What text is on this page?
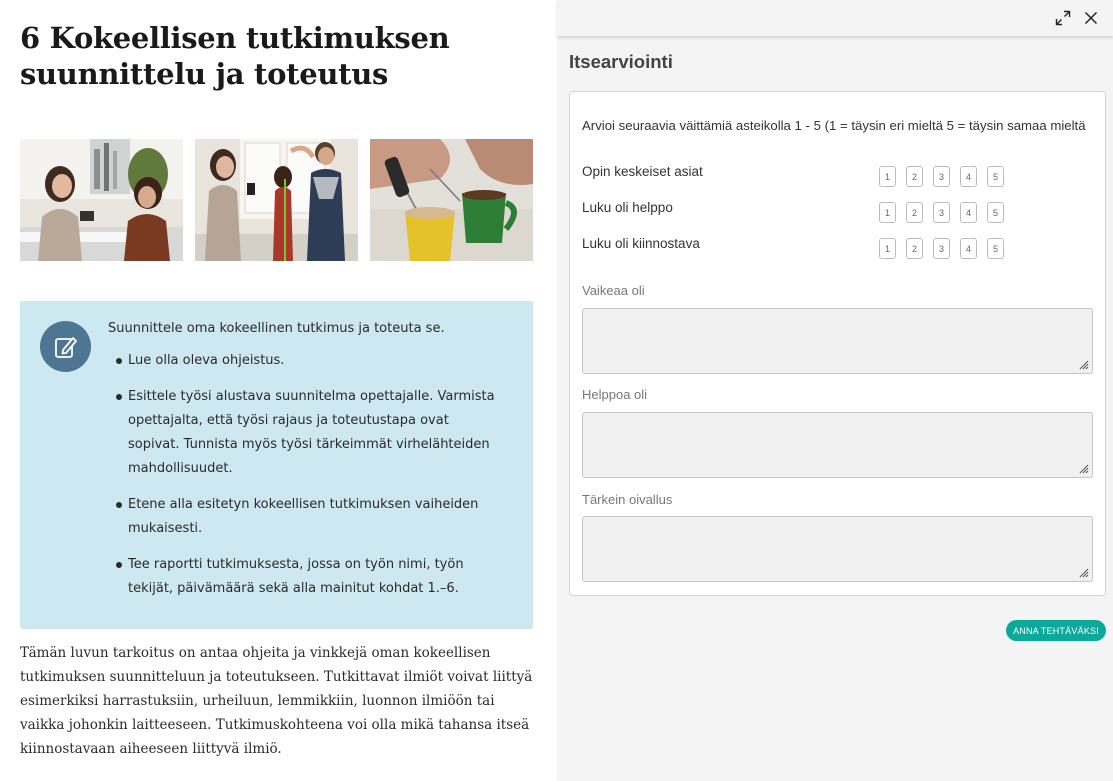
6 Kokeellisen tutkimuksen
suunnittelu ja toteutus

Suunnittele oma kokeellinen tutkimus ja toteuta se.

Lue olla oleva ohjeistus.
Esittele työsi alustava suunnitelma opettajalle. Varmista opettajalta, että työsi rajaus ja toteutustapa ovat sopivat. Tunnista myös työsi tärkeimmät virhelähteiden mahdollisuudet.
Etene alla esitetyn kokeellisen tutkimuksen vaiheiden mukaisesti.
Tee raportti tutkimuksesta, jossa on työn nimi, työn tekijät, päivämäärä sekä alla mainitut kohdat 1.–6.

Tämän luvun tarkoitus on antaa ohjeita ja vinkkejä oman kokeellisen tutkimuksen suunnitteluun ja toteutukseen. Tutkittavat ilmiöt voivat liittyä esimerkiksi harrastuksiin, urheiluun, lemmikkiin, luonnon ilmiöön tai vaikka johonkin laitteeseen. Tutkimuskohteena voi olla mikä tahansa itseä kiinnostavaan aiheeseen liittyvä ilmiö.

Itsearviointi

Arvioi seuraavia väittämiä asteikolla 1 - 5 (1 = täysin eri mieltä 5 = täysin samaa mieltä

Opin keskeiset asiat	1	2	3	4	5
Luku oli helppo	1	2	3	4	5
Luku oli kiinnostava	1	2	3	4	5
Vaikeaa oli
Helppoa oli
Tärkein oivallus
ANNA TEHTÄVÄKSI
